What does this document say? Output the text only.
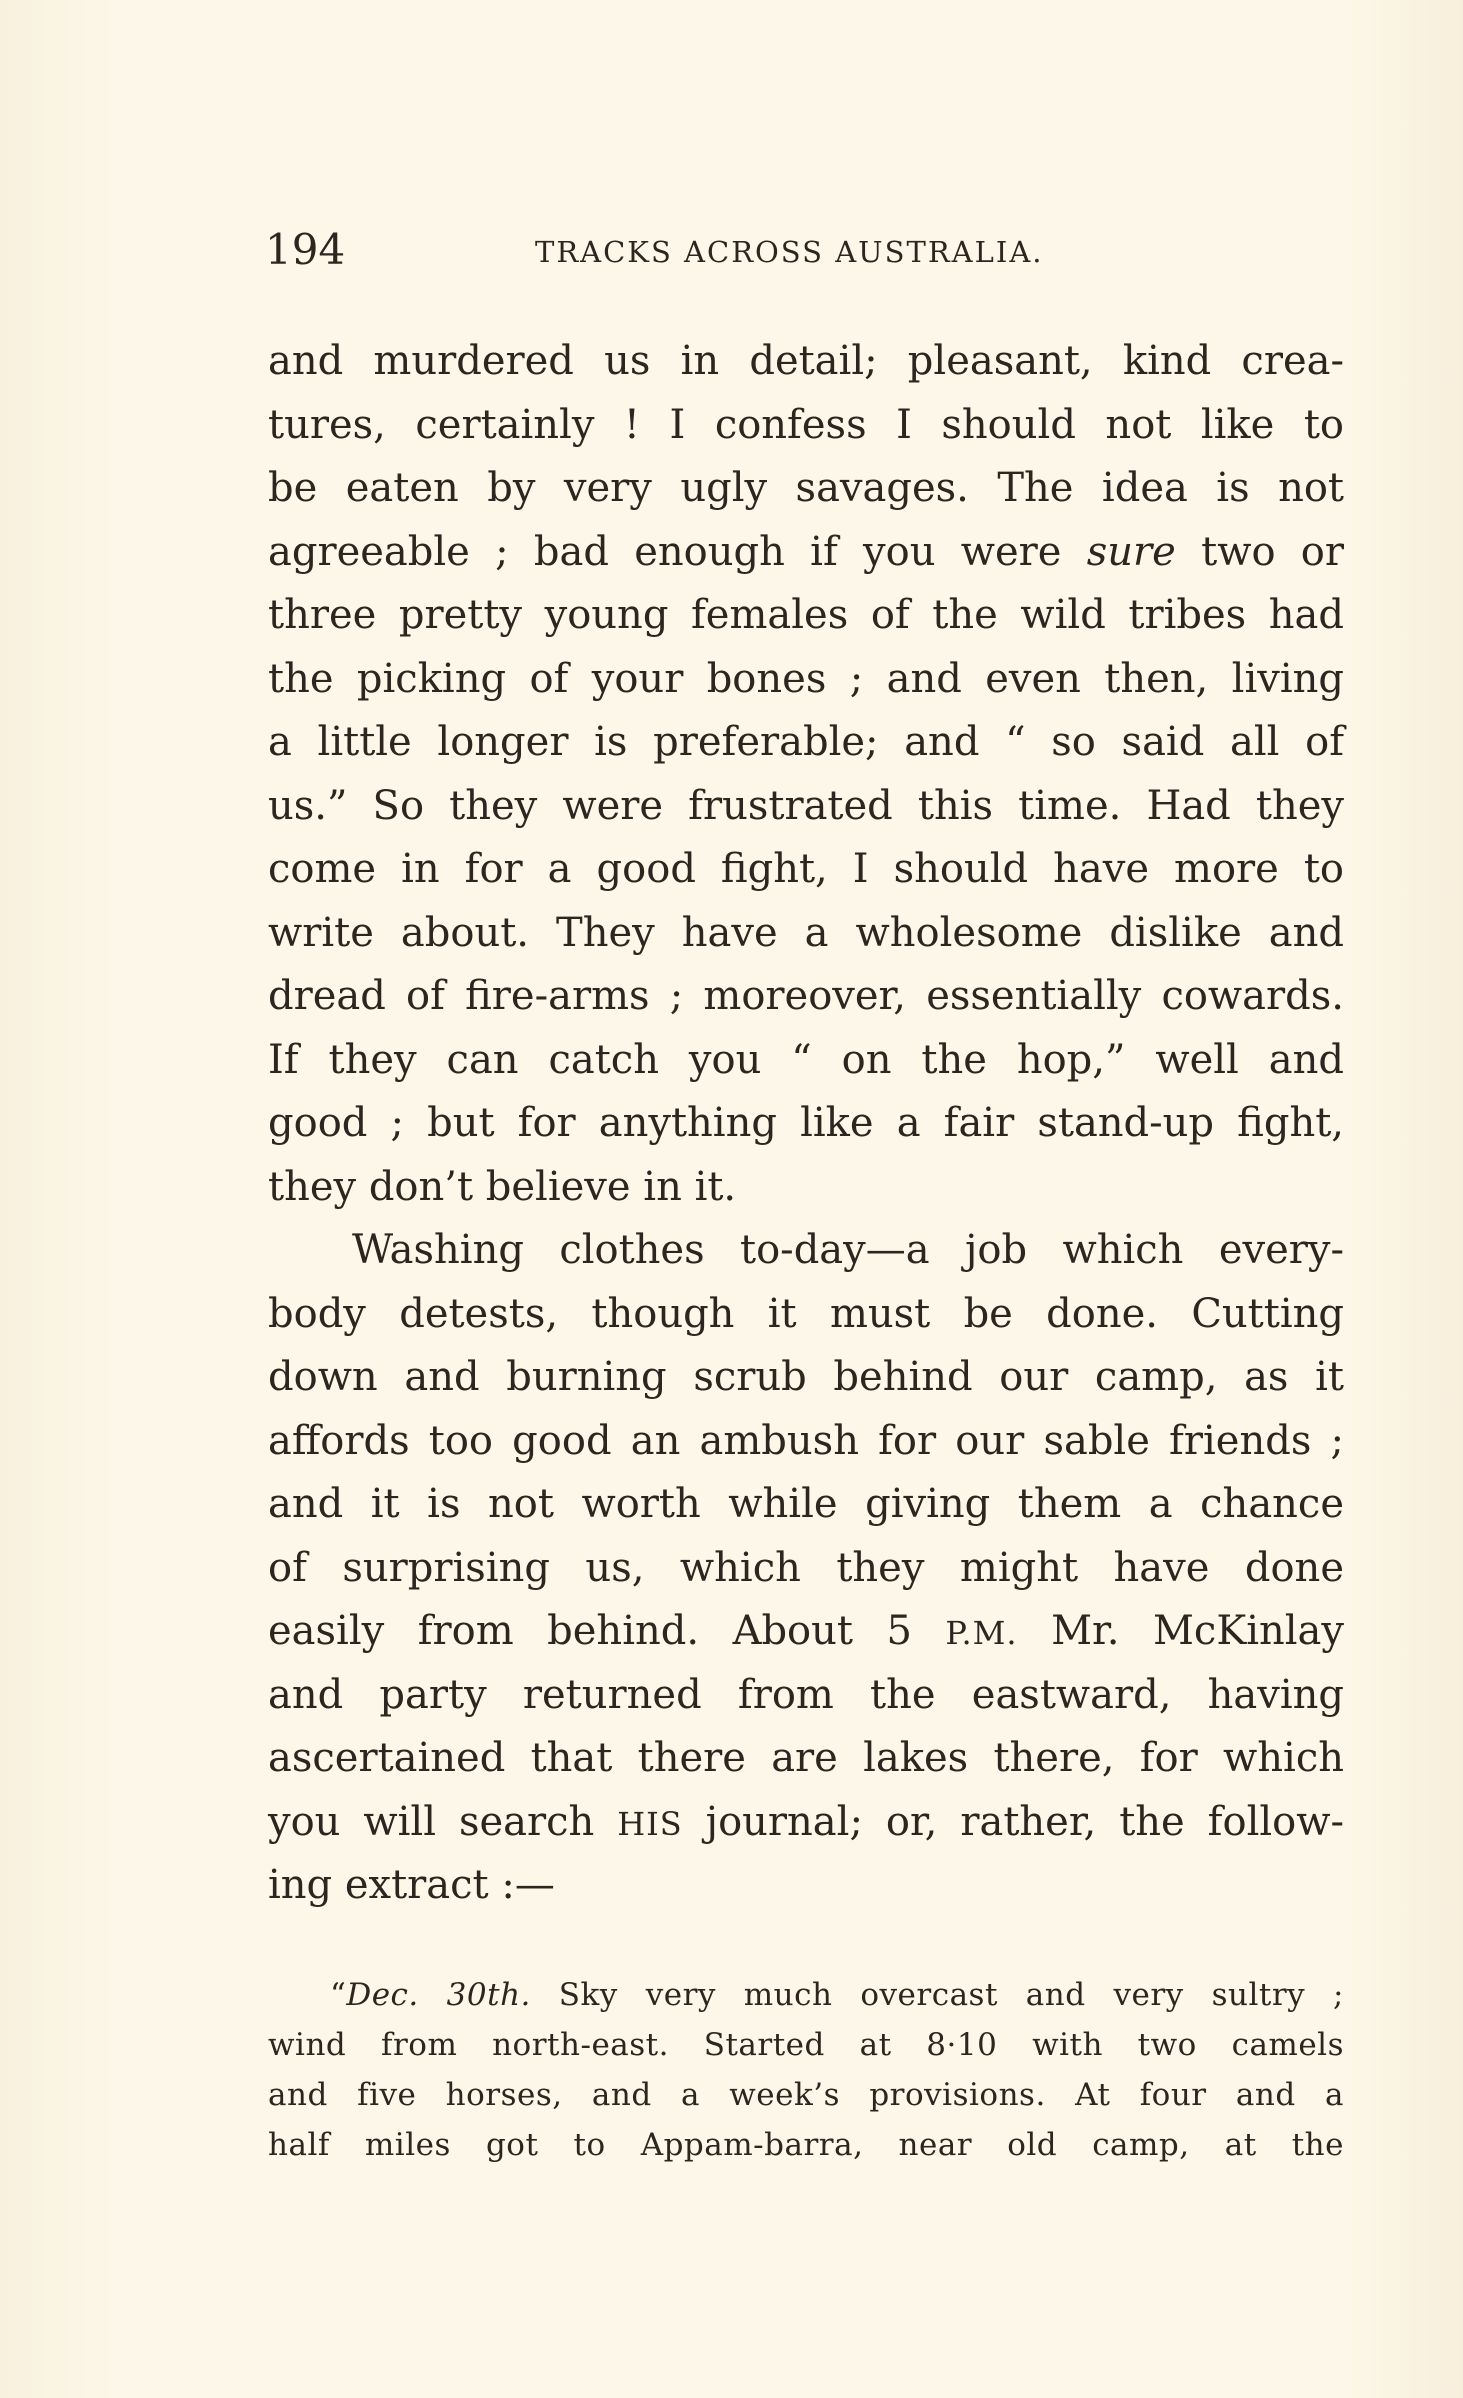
194	TRACKS ACROSS AUSTRALIA.
and murdered us in detail; pleasant, kind crea-
tures, certainly ! I confess I should not like to
be eaten by very ugly savages. The idea is not
agreeable ; bad enough if you were sure two or
three pretty young females of the wild tribes had
the picking of your bones ; and even then, living
a little longer is preferable; and “ so said all of
us.” So they were frustrated this time. Had they
come in for a good fight, I should have more to
write about. They have a wholesome dislike and
dread of fire-arms ; moreover, essentially cowards.
If they can catch you “ on the hop,” well and
good ; but for anything like a fair stand-up fight,
they don’t believe in it.
Washing clothes to-day—a job which every-
body detests, though it must be done. Cutting
down and burning scrub behind our camp, as it
affords too good an ambush for our sable friends ;
and it is not worth while giving them a chance
of surprising us, which they might have done
easily from behind. About 5 P.M. Mr. McKinlay
and party returned from the eastward, having
ascertained that there are lakes there, for which
you will search HIS journal; or, rather, the follow-
ing extract :—
“Dec. 30th. Sky very much overcast and very sultry ;
wind from north-east. Started at 8·10 with two camels
and five horses, and a week’s provisions. At four and a
half miles got to Appam-barra, near old camp, at the
